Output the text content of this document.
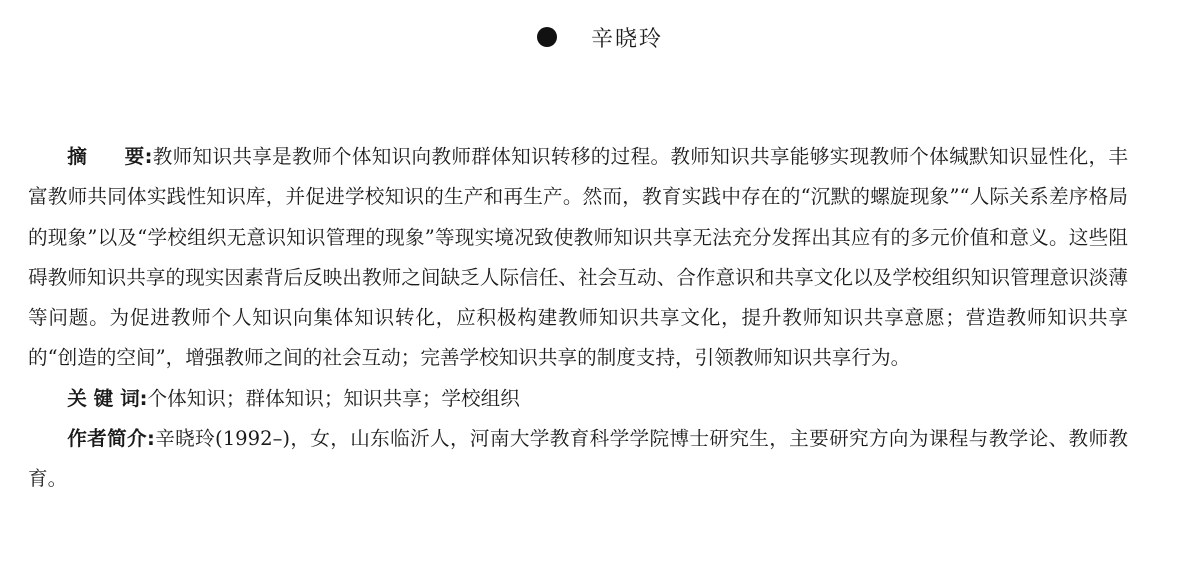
辛晓玲

摘 要:教师知识共享是教师个体知识向教师群体知识转移的过程。教师知识共享能够实现教师个体缄默知识显性化，丰富教师共同体实践性知识库，并促进学校知识的生产和再生产。然而，教育实践中存在的“沉默的螺旋现象”“人际关系差序格局的现象”以及“学校组织无意识知识管理的现象”等现实境况致使教师知识共享无法充分发挥出其应有的多元价值和意义。这些阻碍教师知识共享的现实因素背后反映出教师之间缺乏人际信任、社会互动、合作意识和共享文化以及学校组织知识管理意识淡薄等问题。为促进教师个人知识向集体知识转化，应积极构建教师知识共享文化，提升教师知识共享意愿；营造教师知识共享的“创造的空间”，增强教师之间的社会互动；完善学校知识共享的制度支持，引领教师知识共享行为。

关 键 词:个体知识；群体知识；知识共享；学校组织

作者简介:辛晓玲(1992–)，女，山东临沂人，河南大学教育科学学院博士研究生，主要研究方向为课程与教学论、教师教育。
